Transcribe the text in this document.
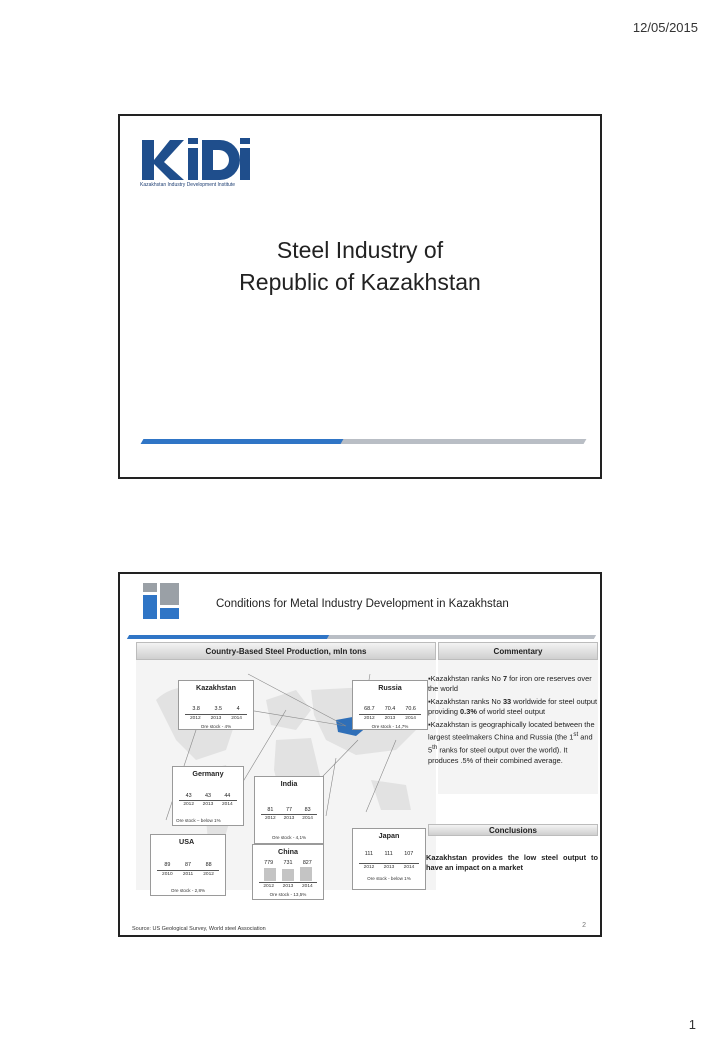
12/05/2015
Kazakhstan Industry Development Institute
Steel Industry of
Republic of Kazakhstan
Conditions for Metal Industry Development in Kazakhstan
Country-Based Steel Production, mln tons	Commentary
Kazakhstan
3.8	3.5	4
2012 2013 2014
Ore stock - 4%
Russia
68.7 70.4 70.6
2012 2013 2014
Ore stock - 14,7%
Germany
43 43 44
2012 2013 2014
Ore stock – below 1%
India
81 77 83
2012 2013 2014
Ore stock - 4,1%
USA
89	87	88
2010 2011 2012
Ore stock - 2,8%
China
779 731 827
2012 2013 2014
Ore stock - 13,5%
Japan
111 111 107
2012 2013 2014
Ore stock - below 1%

▪Kazakhstan ranks No 7 for iron ore reserves over the world

▪Kazakhstan ranks No 33 worldwide for steel output providing 0.3% of world steel output

▪Kazakhstan is geographically located between the largest steelmakers China and Russia (the 1st and 5th ranks for steel output over the world). It produces .5% of their combined average.

Conclusions
Kazakhstan provides the low steel output to have an impact on a market
Source: US Geological Survey, World steel Association	2
1
